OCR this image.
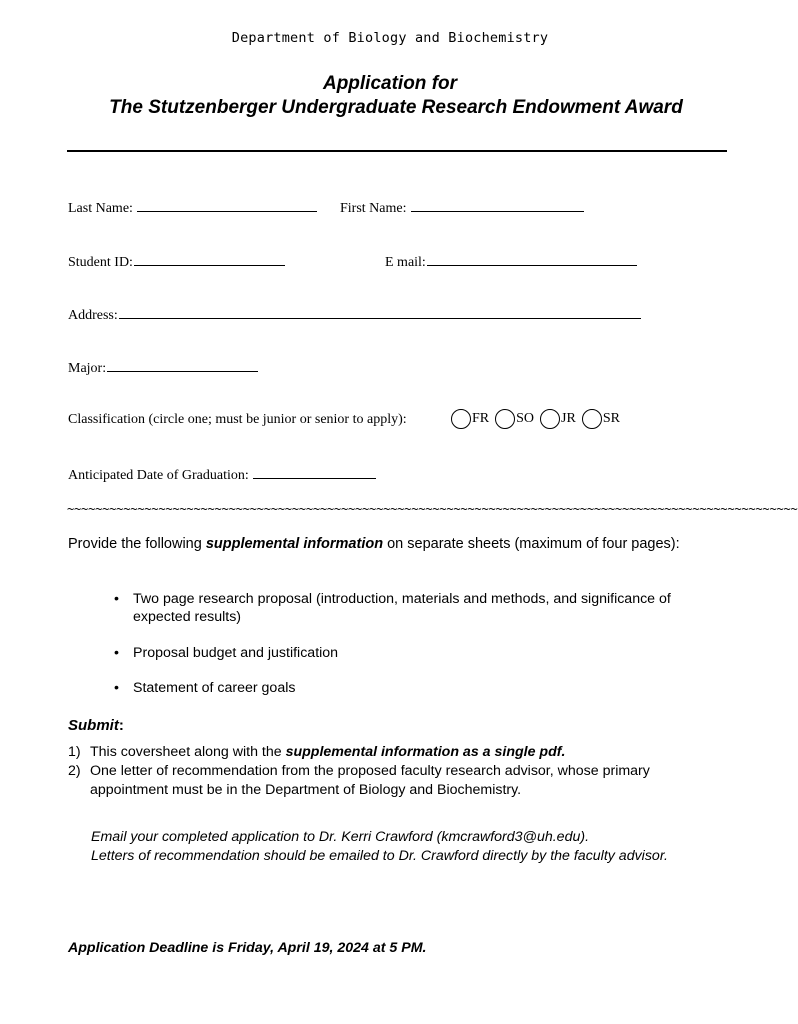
Department of Biology and Biochemistry
Application for
The Stutzenberger Undergraduate Research Endowment Award
Last Name:	First Name:
Student ID:	E mail:
Address:
Major:
Classification (circle one; must be junior or senior to apply):	FR SO JR SR
Anticipated Date of Graduation:
~~~~~~~~~~~~~~~~~~~~~~~~~~~~~~~~~~~~~~~~~~~~~~~~~~~~~~~~~~~~~~~~~~~~~~~~~~~~~~~~~~~~~~~~~~~~~~~~~~~~~~~~
Provide the following supplemental information on separate sheets (maximum of four pages):
• Two page research proposal (introduction, materials and methods, and significance of expected results)
• Proposal budget and justification
• Statement of career goals
Submit:
1) This coversheet along with the supplemental information as a single pdf.
2) One letter of recommendation from the proposed faculty research advisor, whose primary appointment must be in the Department of Biology and Biochemistry.
Email your completed application to Dr. Kerri Crawford (kmcrawford3@uh.edu).
Letters of recommendation should be emailed to Dr. Crawford directly by the faculty advisor.
Application Deadline is Friday, April 19, 2024 at 5 PM.
